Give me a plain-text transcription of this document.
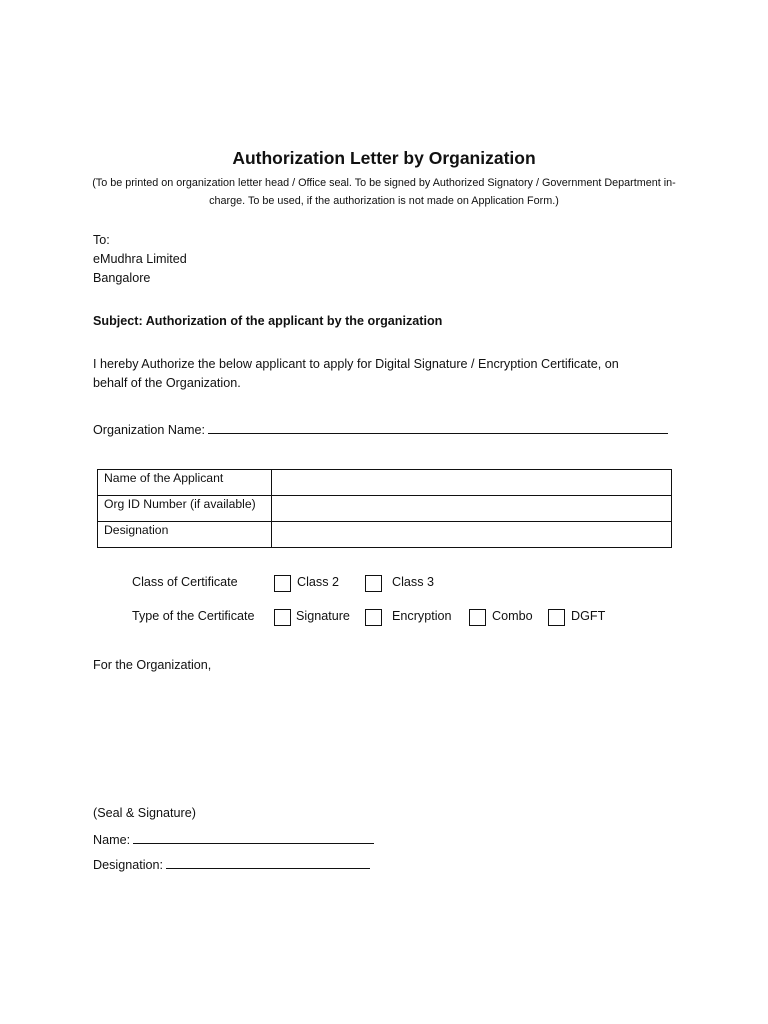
Authorization Letter by Organization
(To be printed on organization letter head / Office seal. To be signed by Authorized Signatory / Government Department in-charge. To be used, if the authorization is not made on Application Form.)
To:
eMudhra Limited
Bangalore
Subject: Authorization of the applicant by the organization
I hereby Authorize the below applicant to apply for Digital Signature / Encryption Certificate, on
behalf of the Organization.
Organization Name:
Name of the Applicant	
Org ID Number (if available)	
Designation	
Class of Certificate	Class 2	Class 3
Type of the Certificate	Signature	Encryption	Combo	DGFT
For the Organization,
(Seal & Signature)
Name:
Designation:
